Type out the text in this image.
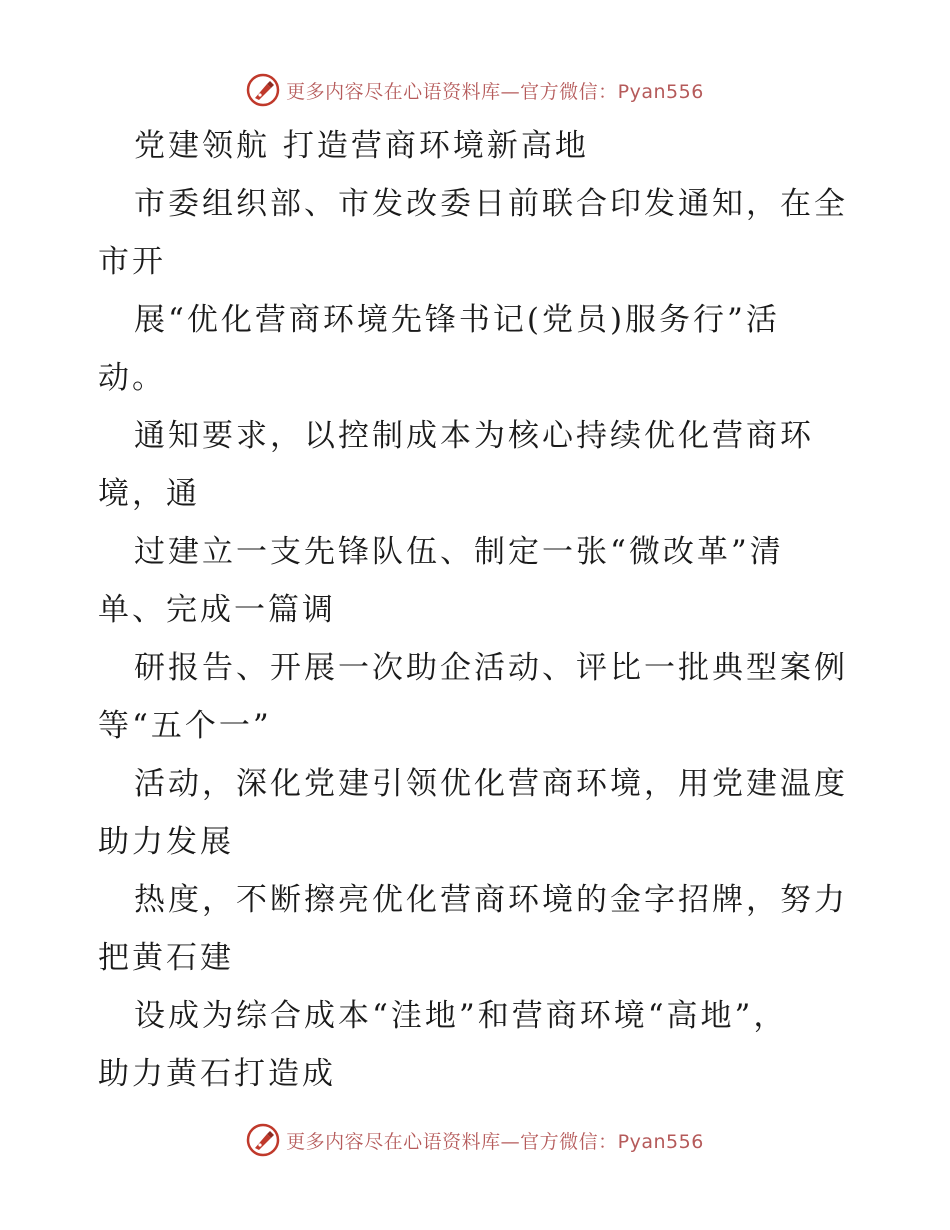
更多内容尽在心语资料库—官方微信：Pyan556
党建领航 打造营商环境新高地
市委组织部、市发改委日前联合印发通知，在全
市开
展“优化营商环境先锋书记(党员)服务行”活
动。
通知要求，以控制成本为核心持续优化营商环
境，通
过建立一支先锋队伍、制定一张“微改革”清
单、完成一篇调
研报告、开展一次助企活动、评比一批典型案例
等“五个一”
活动，深化党建引领优化营商环境，用党建温度
助力发展
热度，不断擦亮优化营商环境的金字招牌，努力
把黄石建
设成为综合成本“洼地”和营商环境“高地”，
助力黄石打造成
更多内容尽在心语资料库—官方微信：Pyan556
